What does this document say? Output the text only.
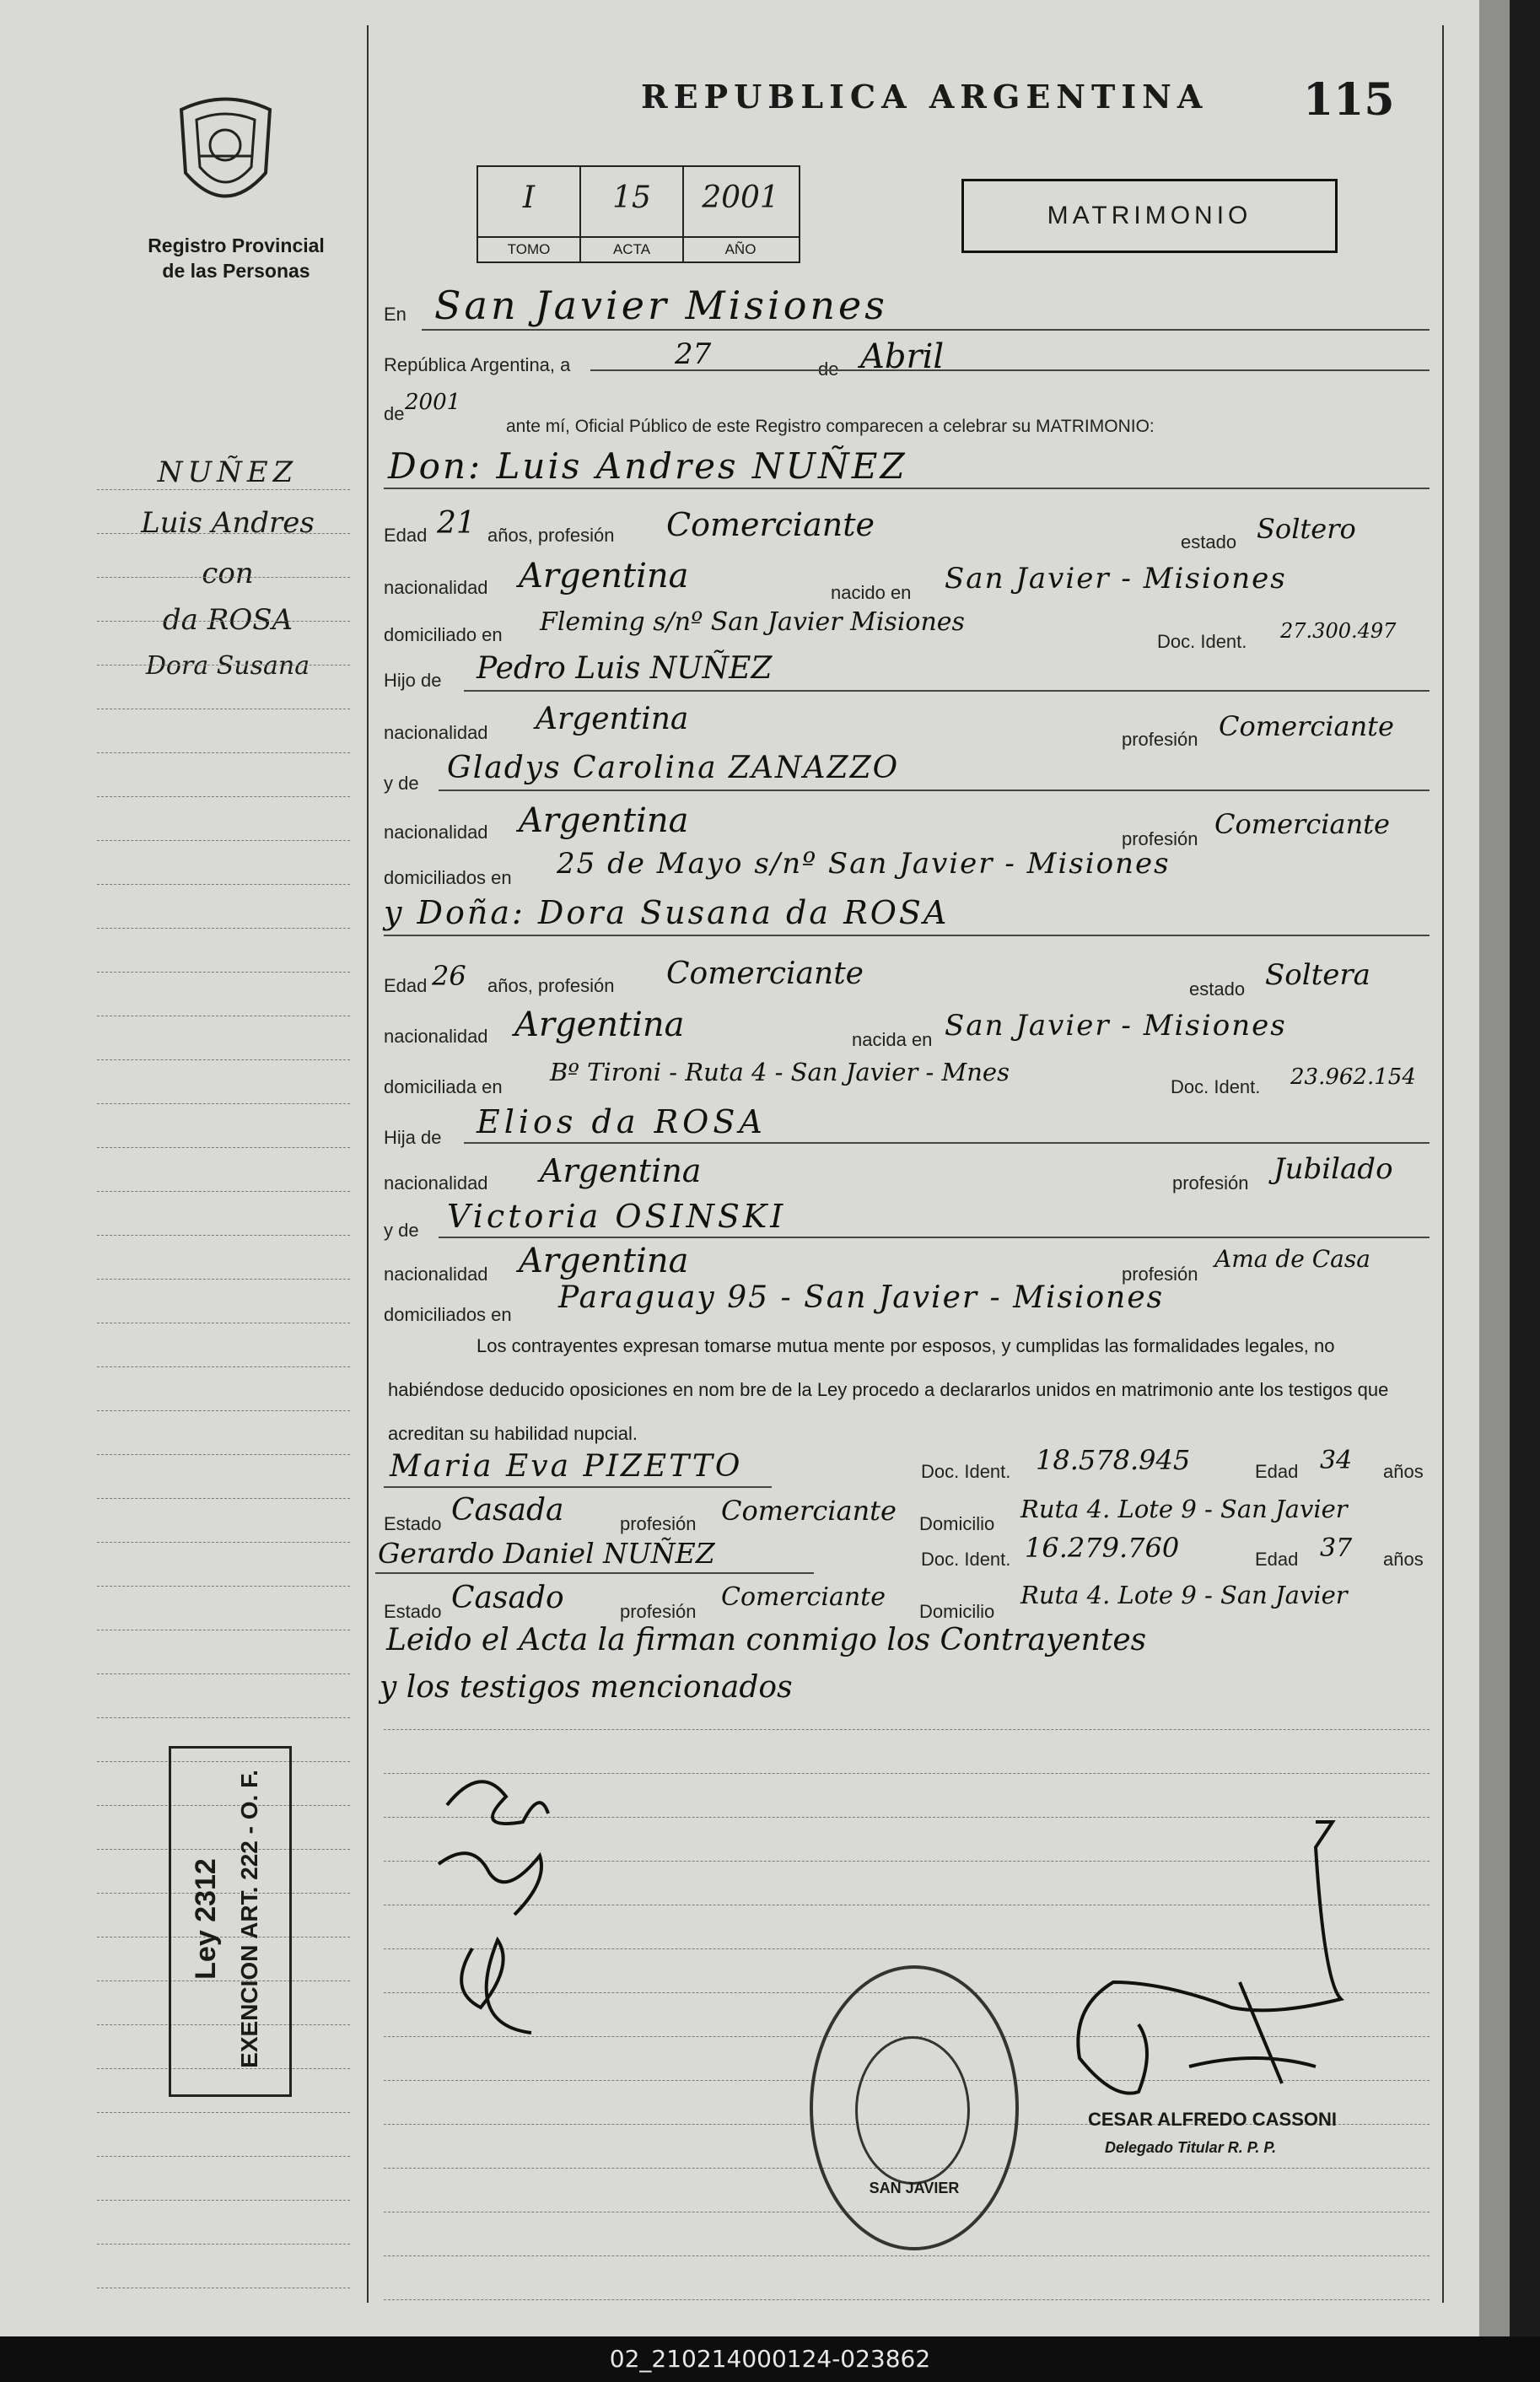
REPUBLICA ARGENTINA 115
Registro Provincial
de las Personas
I
TOMO
15
ACTA
2001
AÑO
MATRIMONIO
NUÑEZ
Luis Andres
con
da ROSA
Dora Susana
En San Javier Misiones
República Argentina, a	27	de Abril
de 2001
ante mí, Oficial Público de este Registro comparecen a celebrar su MATRIMONIO:
Don: Luis Andres NUÑEZ
Edad 21 años, profesión Comerciante	estado Soltero
nacionalidad Argentina	nacido en San Javier - Misiones
domiciliado en Fleming s/nº San Javier Misiones
Doc. Ident. 27.300.497
Hijo de Pedro Luis NUÑEZ
nacionalidad Argentina
profesión Comerciante
y de Gladys Carolina ZANAZZO
nacionalidad Argentina	profesión Comerciante
domiciliados en 25 de Mayo s/nº San Javier - Misiones
y Doña: Dora Susana da ROSA
Edad 26 años, profesión Comerciante	estado Soltera
nacionalidad Argentina	nacida en San Javier - Misiones
domiciliada en
Bº Tironi - Ruta 4 - San Javier - Mnes
Doc. Ident. 23.962.154
Hija de Elios da ROSA
nacionalidad Argentina	profesión Jubilado
y de Victoria OSINSKI
nacionalidad Argentina	profesión
Ama de Casa
domiciliados en Paraguay 95 - San Javier - Misiones
Los contrayentes expresan tomarse mutua mente por esposos, y cumplidas las formalidades legales, no habiéndose deducido oposiciones en nom bre de la Ley procedo a declararlos unidos en matrimonio ante los testigos que acreditan su habilidad nupcial.
Maria Eva PIZETTO	Doc. Ident. 18.578.945	Edad 34 años
Estado Casada	profesión Comerciante Domicilio
Ruta 4. Lote 9 - San Javier
Gerardo Daniel NUÑEZ	Doc. Ident. 16.279.760	Edad 37 años
Estado Casado	profesión Comerciante Domicilio
Ruta 4. Lote 9 - San Javier
Leido el Acta la firman conmigo los Contrayentes
y los testigos mencionados
Ley 2312 EXENCION ART. 222 - O. F.
SAN JAVIER
CESAR ALFREDO CASSONI
Delegado Titular R. P. P.
02_210214000124-023862
